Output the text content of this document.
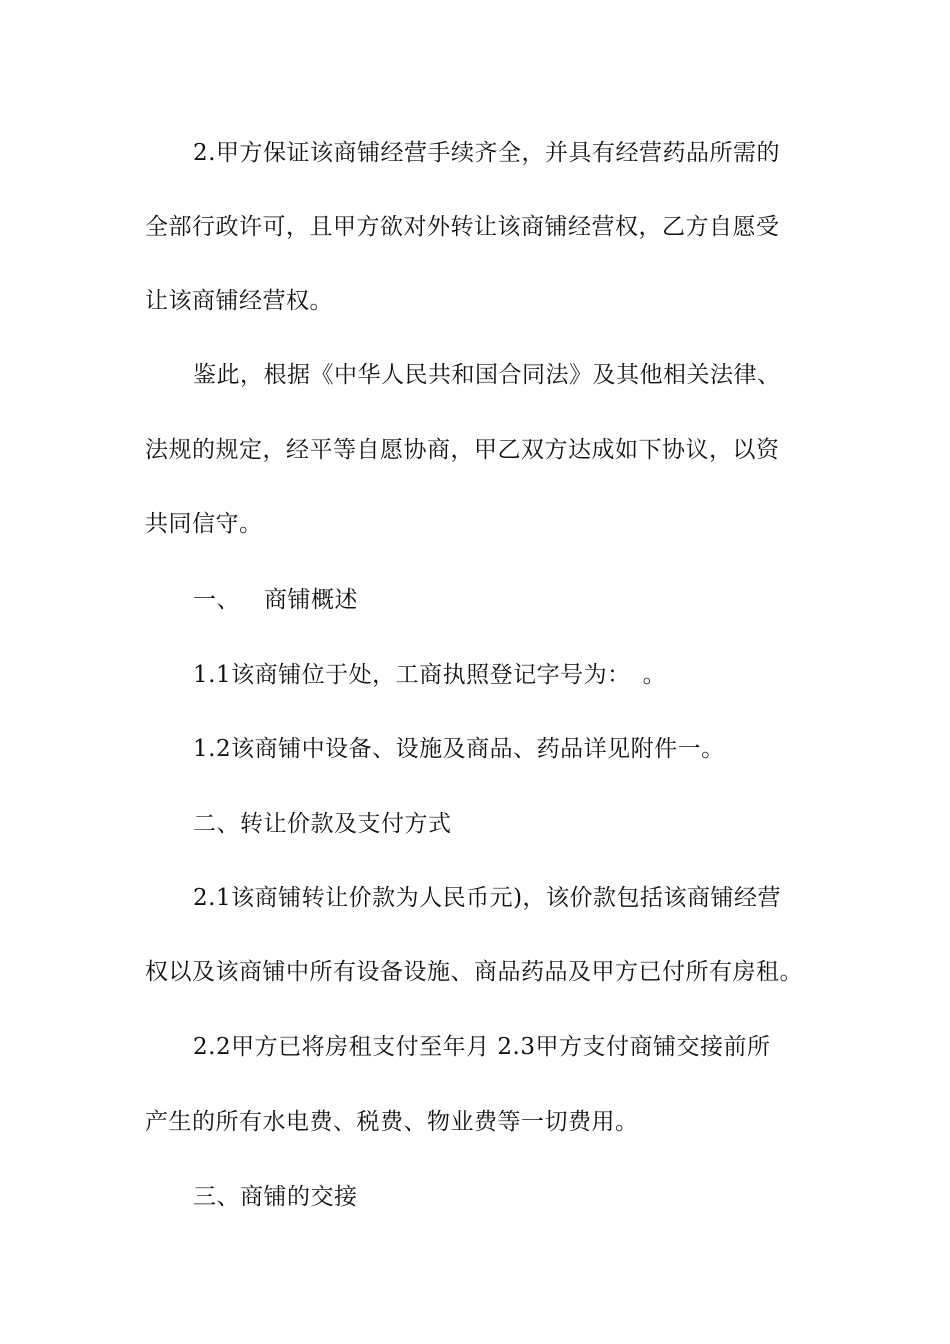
2.甲方保证该商铺经营手续齐全，并具有经营药品所需的
全部行政许可，且甲方欲对外转让该商铺经营权，乙方自愿受
让该商铺经营权。
鉴此，根据《中华人民共和国合同法》及其他相关法律、
法规的规定，经平等自愿协商，甲乙双方达成如下协议，以资
共同信守。
一、 商铺概述
1.1该商铺位于处，工商执照登记字号为：　。
1.2该商铺中设备、设施及商品、药品详见附件一。
二、转让价款及支付方式
2.1该商铺转让价款为人民币元)，该价款包括该商铺经营
权以及该商铺中所有设备设施、商品药品及甲方已付所有房租。
2.2甲方已将房租支付至年月 2.3甲方支付商铺交接前所
产生的所有水电费、税费、物业费等一切费用。
三、商铺的交接
